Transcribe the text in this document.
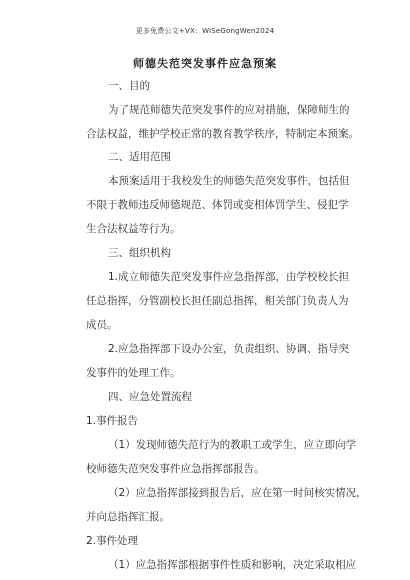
更多免费公文+VX：WiSeGongWen2024
师德失范突发事件应急预案
一、目的
为了规范师德失范突发事件的应对措施，保障师生的
合法权益，维护学校正常的教育教学秩序，特制定本预案。
二、适用范围
本预案适用于我校发生的师德失范突发事件，包括但
不限于教师违反师德规范、体罚或变相体罚学生、侵犯学
生合法权益等行为。
三、组织机构
1.成立师德失范突发事件应急指挥部，由学校校长担
任总指挥，分管副校长担任副总指挥，相关部门负责人为
成员。
2.应急指挥部下设办公室，负责组织、协调、指导突
发事件的处理工作。
四、应急处置流程
1.事件报告
（1）发现师德失范行为的教职工或学生，应立即向学
校师德失范突发事件应急指挥部报告。
（2）应急指挥部接到报告后，应在第一时间核实情况，
并向总指挥汇报。
2.事件处理
（1）应急指挥部根据事件性质和影响，决定采取相应
